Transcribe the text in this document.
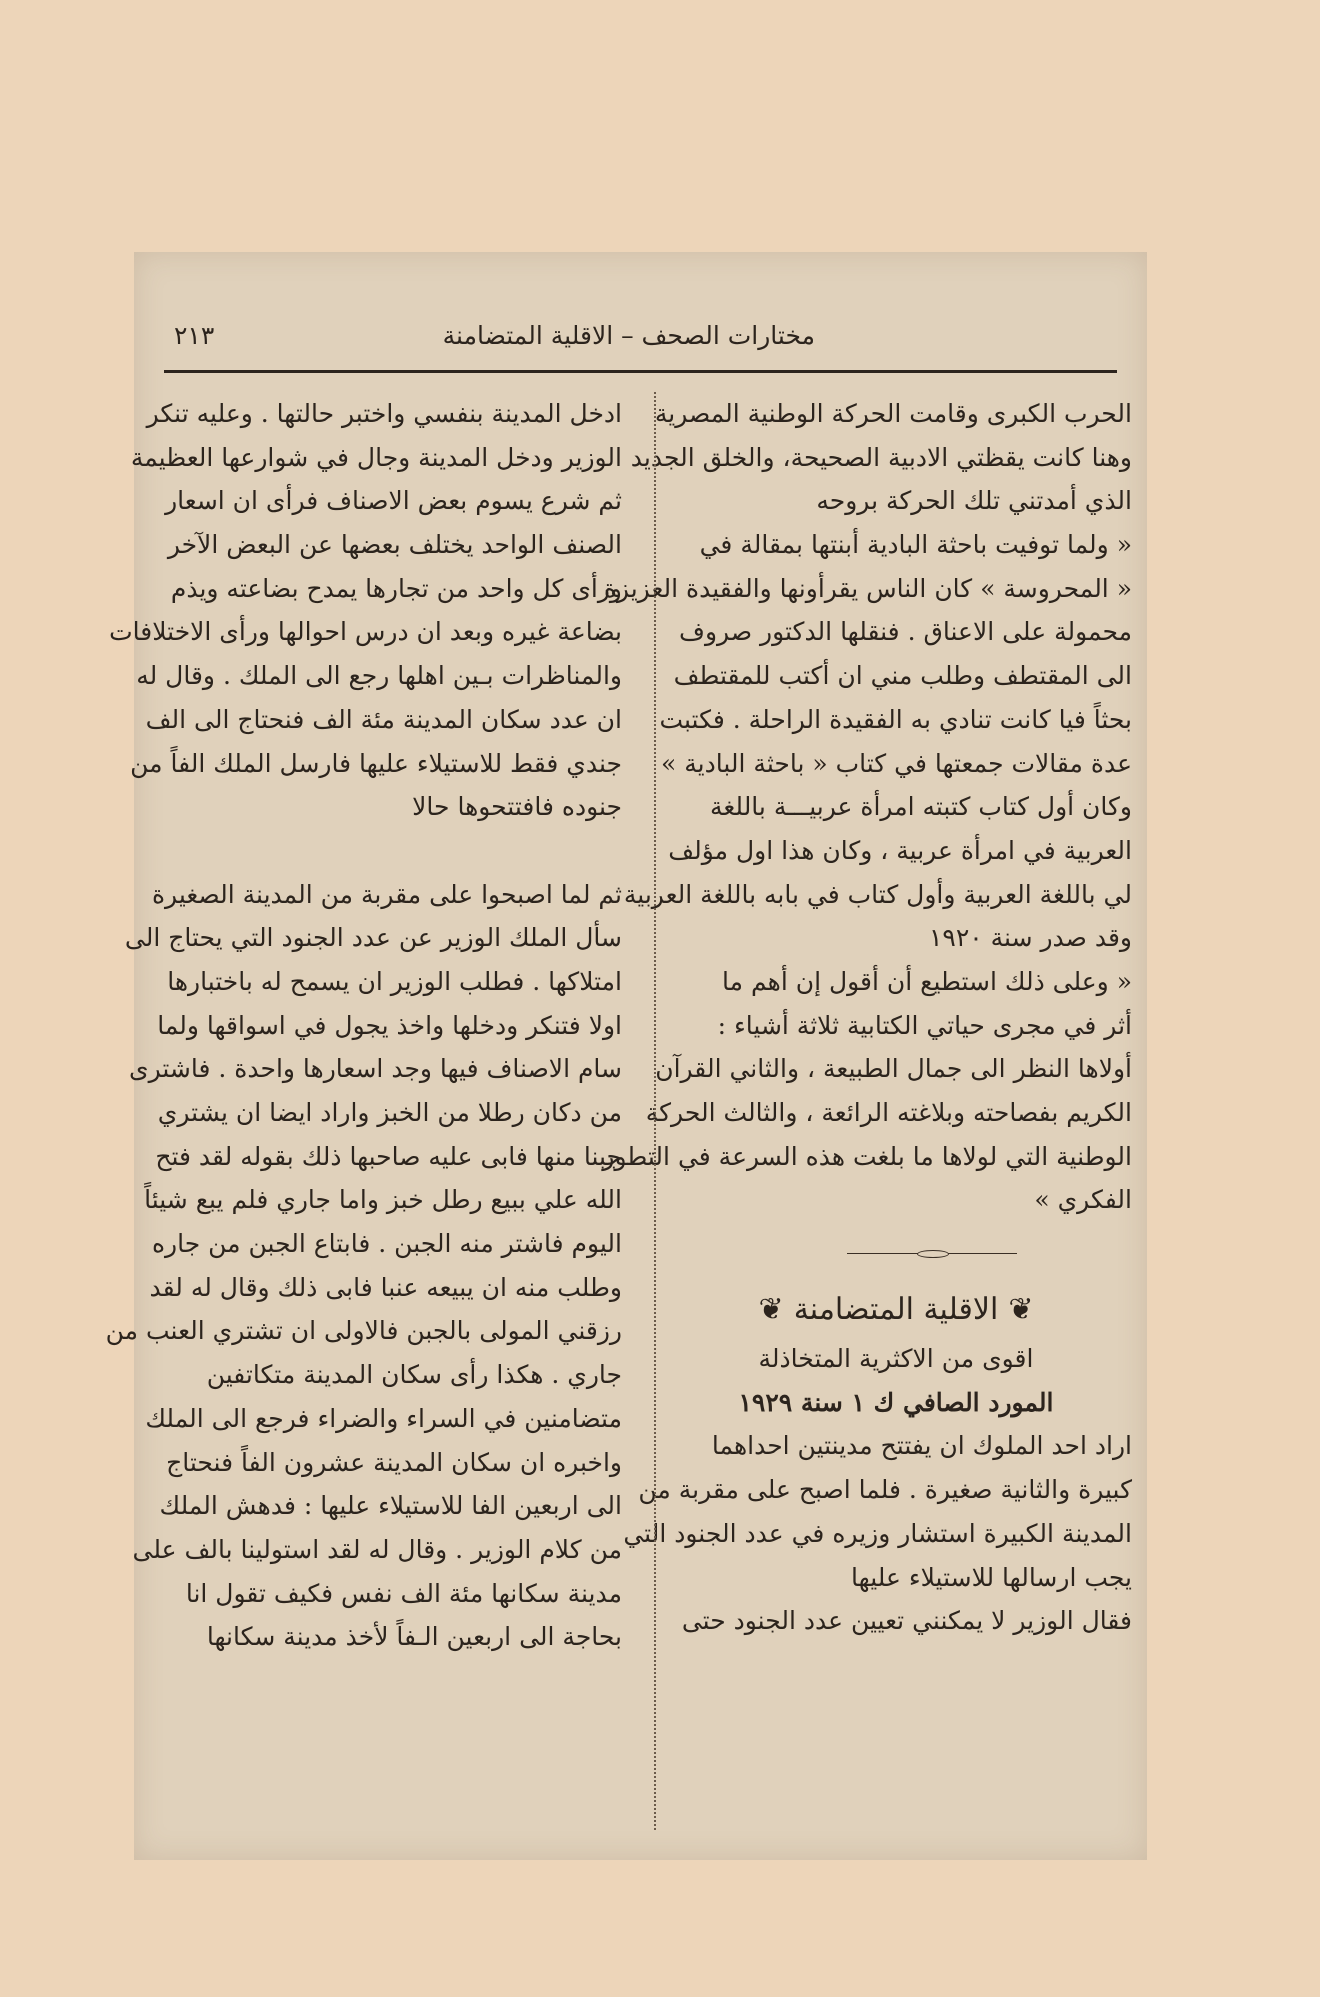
مختارات الصحف – الاقلية المتضامنة
٢١٣
الحرب الكبرى وقامت الحركة الوطنية المصرية
وهنا كانت يقظتي الادبية الصحيحة، والخلق الجديد
الذي أمدتني تلك الحركة بروحه
« ولما توفيت باحثة البادية أبنتها بمقالة في
« المحروسة » كان الناس يقرأونها والفقيدة العزيزة
محمولة على الاعناق . فنقلها الدكتور صروف
الى المقتطف وطلب مني ان أكتب للمقتطف
بحثاً فيا كانت تنادي به الفقيدة الراحلة . فكتبت
عدة مقالات جمعتها في كتاب « باحثة البادية »
وكان أول كتاب كتبته امرأة عربيـــة باللغة
العربية في امرأة عربية ، وكان هذا اول مؤلف
لي باللغة العربية وأول كتاب في بابه باللغة العربية
وقد صدر سنة ١٩٢٠
« وعلى ذلك استطيع أن أقول إن أهم ما
أثر في مجرى حياتي الكتابية ثلاثة أشياء :
أولاها النظر الى جمال الطبيعة ، والثاني القرآن
الكريم بفصاحته وبلاغته الرائعة ، والثالث الحركة
الوطنية التي لولاها ما بلغت هذه السرعة في التطور
الفكري »
❦الاقلية المتضامنة❦
اقوى من الاكثرية المتخاذلة
المورد الصافي ك ١ سنة ١٩٢٩
اراد احد الملوك ان يفتتح مدينتين احداهما
كبيرة والثانية صغيرة . فلما اصبح على مقربة من
المدينة الكبيرة استشار وزيره في عدد الجنود التي
يجب ارسالها للاستيلاء عليها
فقال الوزير لا يمكنني تعيين عدد الجنود حتى
ادخل المدينة بنفسي واختبر حالتها . وعليه تنكر
الوزير ودخل المدينة وجال في شوارعها العظيمة
ثم شرع يسوم بعض الاصناف فرأى ان اسعار
الصنف الواحد يختلف بعضها عن البعض الآخر
ورأى كل واحد من تجارها يمدح بضاعته ويذم
بضاعة غيره وبعد ان درس احوالها ورأى الاختلافات
والمناظرات بـين اهلها رجع الى الملك . وقال له
ان عدد سكان المدينة مئة الف فنحتاج الى الف
جندي فقط للاستيلاء عليها فارسل الملك الفاً من
جنوده فافتتحوها حالا
ثم لما اصبحوا على مقربة من المدينة الصغيرة
سأل الملك الوزير عن عدد الجنود التي يحتاج الى
امتلاكها . فطلب الوزير ان يسمح له باختبارها
اولا فتنكر ودخلها واخذ يجول في اسواقها ولما
سام الاصناف فيها وجد اسعارها واحدة . فاشترى
من دكان رطلا من الخبز واراد ايضا ان يشتري
جبنا منها فابى عليه صاحبها ذلك بقوله لقد فتح
الله علي ببيع رطل خبز واما جاري فلم يبع شيئاً
اليوم فاشتر منه الجبن . فابتاع الجبن من جاره
وطلب منه ان يبيعه عنبا فابى ذلك وقال له لقد
رزقني المولى بالجبن فالاولى ان تشتري العنب من
جاري . هكذا رأى سكان المدينة متكاتفين
متضامنين في السراء والضراء فرجع الى الملك
واخبره ان سكان المدينة عشرون الفاً فنحتاج
الى اربعين الفا للاستيلاء عليها : فدهش الملك
من كلام الوزير . وقال له لقد استولينا بالف على
مدينة سكانها مئة الف نفس فكيف تقول انا
بحاجة الى اربعين الـفاً لأخذ مدينة سكانها
